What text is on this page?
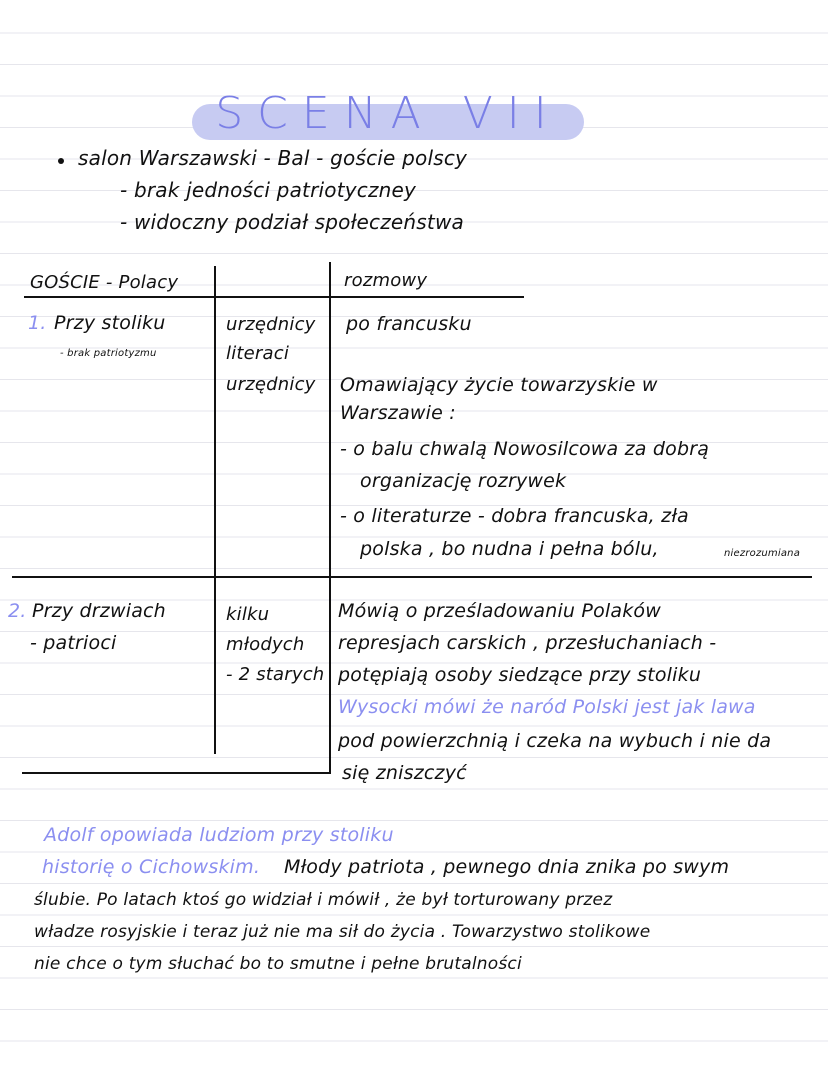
SCENA VII
salon Warszawski - Bal - goście polscy
- brak jedności patriotyczney
- widoczny podział społeczeństwa
GOŚCIE - Polacy	rozmowy
1. Przy stoliku
- brak patriotyzmu
urzędnicy
literaci
urzędnicy
po francusku
Omawiający życie towarzyskie w
Warszawie :
- o balu chwalą Nowosilcowa za dobrą
organizację rozrywek
- o literaturze - dobra francuska, zła
polska , bo nudna i pełna bólu,	niezrozumiana
2. Przy drzwiach
- patrioci
kilku
młodych
- 2 starych
Mówią o prześladowaniu Polaków
represjach carskich , przesłuchaniach -
potępiają osoby siedzące przy stoliku
Wysocki mówi że naród Polski jest jak lawa
pod powierzchnią i czeka na wybuch i nie da
się zniszczyć
Adolf opowiada ludziom przy stoliku
historię o Cichowskim. Młody patriota , pewnego dnia znika po swym
ślubie. Po latach ktoś go widział i mówił , że był torturowany przez
władze rosyjskie i teraz już nie ma sił do życia . Towarzystwo stolikowe
nie chce o tym słuchać bo to smutne i pełne brutalności
